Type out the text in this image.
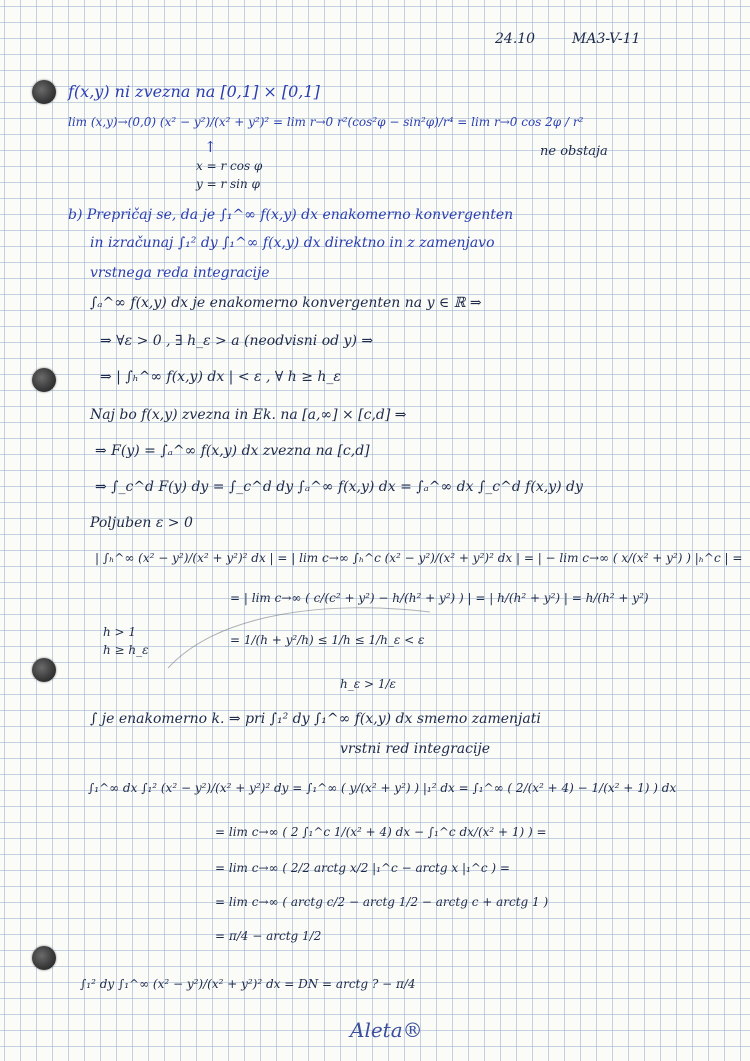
24.10	MA3-V-11
f(x,y) ni zvezna na [0,1] × [0,1]
lim (x,y)→(0,0) (x² − y²)/(x² + y²)² = lim r→0 r²(cos²φ − sin²φ)/r⁴ = lim r→0 cos 2φ / r²
↑	ne obstaja
x = r cos φ
y = r sin φ
b) Prepričaj se, da je ∫₁^∞ f(x,y) dx enakomerno konvergenten
in izračunaj ∫₁² dy ∫₁^∞ f(x,y) dx direktno in z zamenjavo
vrstnega reda integracije
∫ₐ^∞ f(x,y) dx je enakomerno konvergenten na y ∈ ℝ ⇒
⇒ ∀ε > 0 , ∃ h_ε > a (neodvisni od y) ⇒
⇒ | ∫ₕ^∞ f(x,y) dx | < ε , ∀ h ≥ h_ε
Naj bo f(x,y) zvezna in Ek. na [a,∞] × [c,d] ⇒
⇒ F(y) = ∫ₐ^∞ f(x,y) dx zvezna na [c,d]
⇒ ∫_c^d F(y) dy = ∫_c^d dy ∫ₐ^∞ f(x,y) dx = ∫ₐ^∞ dx ∫_c^d f(x,y) dy
Poljuben ε > 0
| ∫ₕ^∞ (x² − y²)/(x² + y²)² dx | = | lim c→∞ ∫ₕ^c (x² − y²)/(x² + y²)² dx | = | − lim c→∞ ( x/(x² + y²) ) |ₕ^c | =
= | lim c→∞ ( c/(c² + y²) − h/(h² + y²) ) | = | h/(h² + y²) | = h/(h² + y²)
= 1/(h + y²/h) ≤ 1/h ≤ 1/h_ε < ε
h > 1
h ≥ h_ε
h_ε > 1/ε
∫ je enakomerno k. ⇒ pri ∫₁² dy ∫₁^∞ f(x,y) dx smemo zamenjati
vrstni red integracije
∫₁^∞ dx ∫₁² (x² − y²)/(x² + y²)² dy = ∫₁^∞ ( y/(x² + y²) ) |₁² dx = ∫₁^∞ ( 2/(x² + 4) − 1/(x² + 1) ) dx
= lim c→∞ ( 2 ∫₁^c 1/(x² + 4) dx − ∫₁^c dx/(x² + 1) ) =
= lim c→∞ ( 2/2 arctg x/2 |₁^c − arctg x |₁^c ) =
= lim c→∞ ( arctg c/2 − arctg 1/2 − arctg c + arctg 1 )
= π/4 − arctg 1/2
∫₁² dy ∫₁^∞ (x² − y²)/(x² + y²)² dx = DN = arctg ? − π/4
Aleta®
